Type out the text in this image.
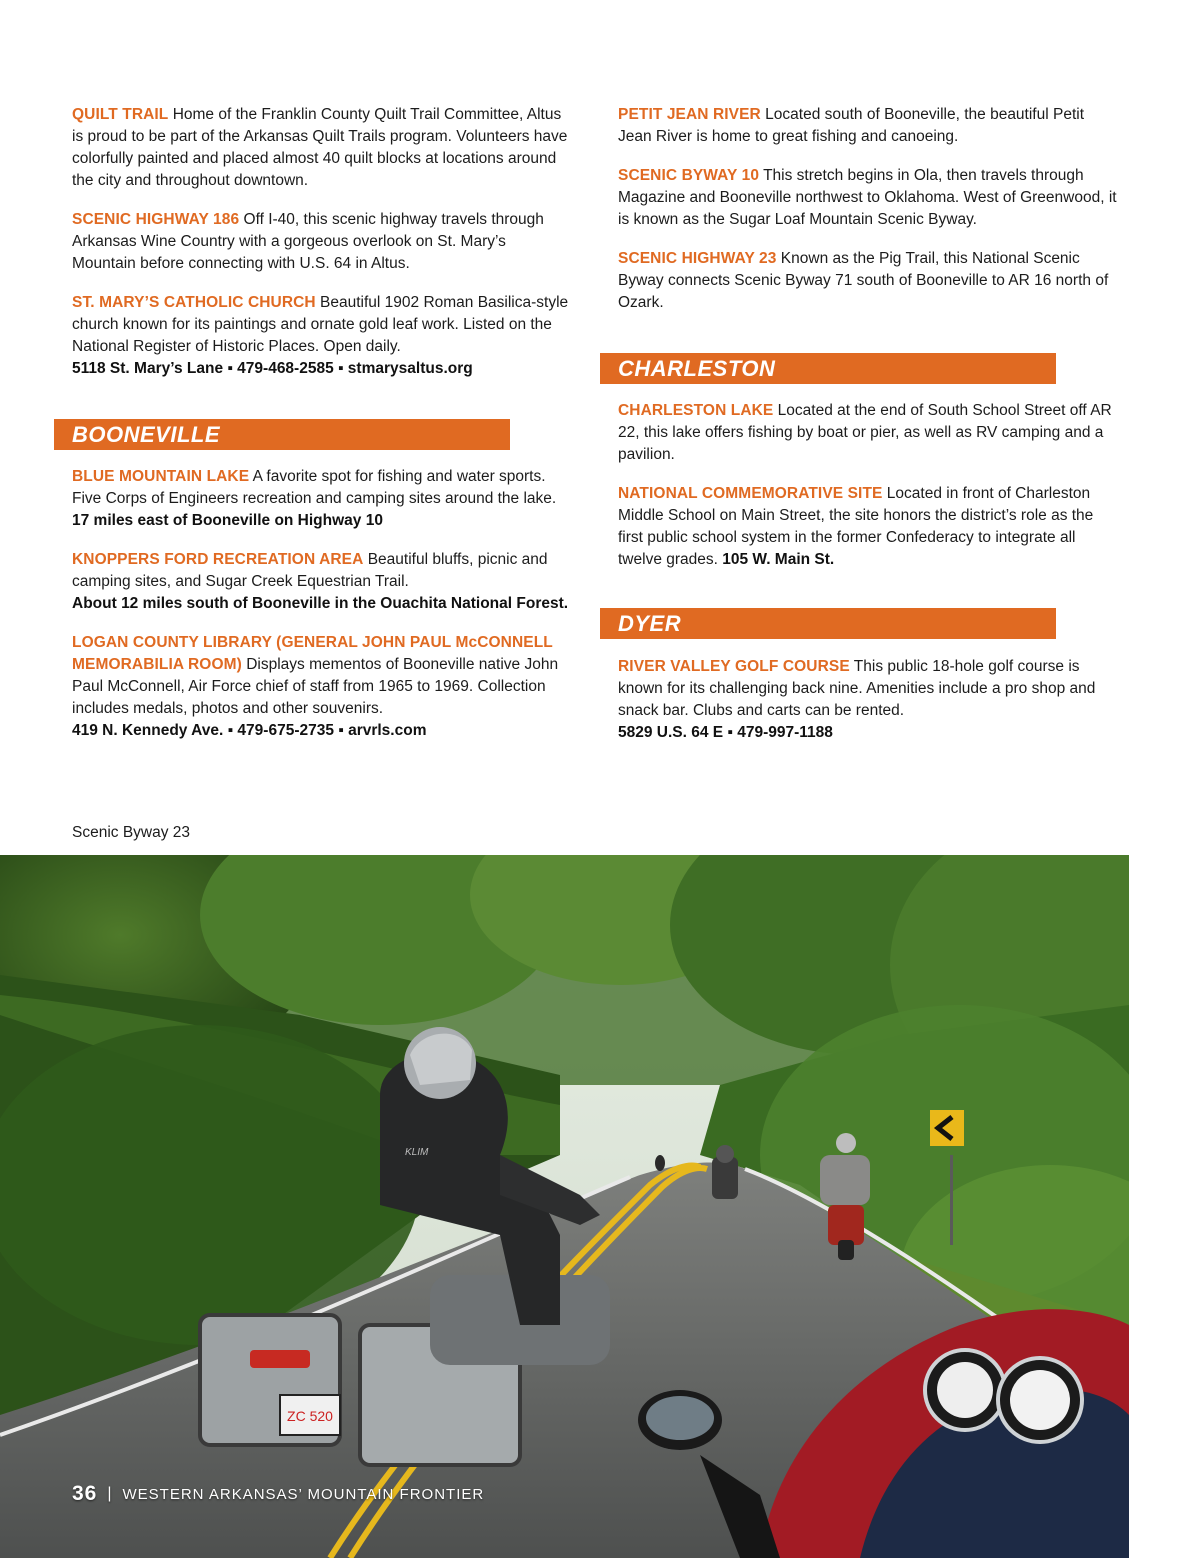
QUILT TRAIL Home of the Franklin County Quilt Trail Committee, Altus is proud to be part of the Arkansas Quilt Trails program. Volunteers have colorfully painted and placed almost 40 quilt blocks at locations around the city and throughout downtown.

SCENIC HIGHWAY 186 Off I-40, this scenic highway travels through Arkansas Wine Country with a gorgeous overlook on St. Mary’s Mountain before connecting with U.S. 64 in Altus.

ST. MARY’S CATHOLIC CHURCH Beautiful 1902 Roman Basilica-style church known for its paintings and ornate gold leaf work. Listed on the National Register of Historic Places. Open daily.
5118 St. Mary’s Lane ▪ 479-468-2585 ▪ stmarysaltus.org

BOONEVILLE

BLUE MOUNTAIN LAKE A favorite spot for fishing and water sports. Five Corps of Engineers recreation and camping sites around the lake. 17 miles east of Booneville on Highway 10

KNOPPERS FORD RECREATION AREA Beautiful bluffs, picnic and camping sites, and Sugar Creek Equestrian Trail.
About 12 miles south of Booneville in the Ouachita National Forest.

LOGAN COUNTY LIBRARY (GENERAL JOHN PAUL McCONNELL MEMORABILIA ROOM) Displays mementos of Booneville native John Paul McConnell, Air Force chief of staff from 1965 to 1969. Collection includes medals, photos and other souvenirs.
419 N. Kennedy Ave. ▪ 479-675-2735 ▪ arvrls.com

PETIT JEAN RIVER Located south of Booneville, the beautiful Petit Jean River is home to great fishing and canoeing.

SCENIC BYWAY 10 This stretch begins in Ola, then travels through Magazine and Booneville northwest to Oklahoma. West of Greenwood, it is known as the Sugar Loaf Mountain Scenic Byway.

SCENIC HIGHWAY 23 Known as the Pig Trail, this National Scenic Byway connects Scenic Byway 71 south of Booneville to AR 16 north of Ozark.

CHARLESTON

CHARLESTON LAKE Located at the end of South School Street off AR 22, this lake offers fishing by boat or pier, as well as RV camping and a pavilion.

NATIONAL COMMEMORATIVE SITE Located in front of Charleston Middle School on Main Street, the site honors the district’s role as the first public school system in the former Confederacy to integrate all twelve grades. 105 W. Main St.

DYER

RIVER VALLEY GOLF COURSE This public 18-hole golf course is known for its challenging back nine. Amenities include a pro shop and snack bar. Clubs and carts can be rented.
5829 U.S. 64 E ▪ 479-997-1188

Scenic Byway 23
ZC 520
KLIM
36 | WESTERN ARKANSAS’ MOUNTAIN FRONTIER
